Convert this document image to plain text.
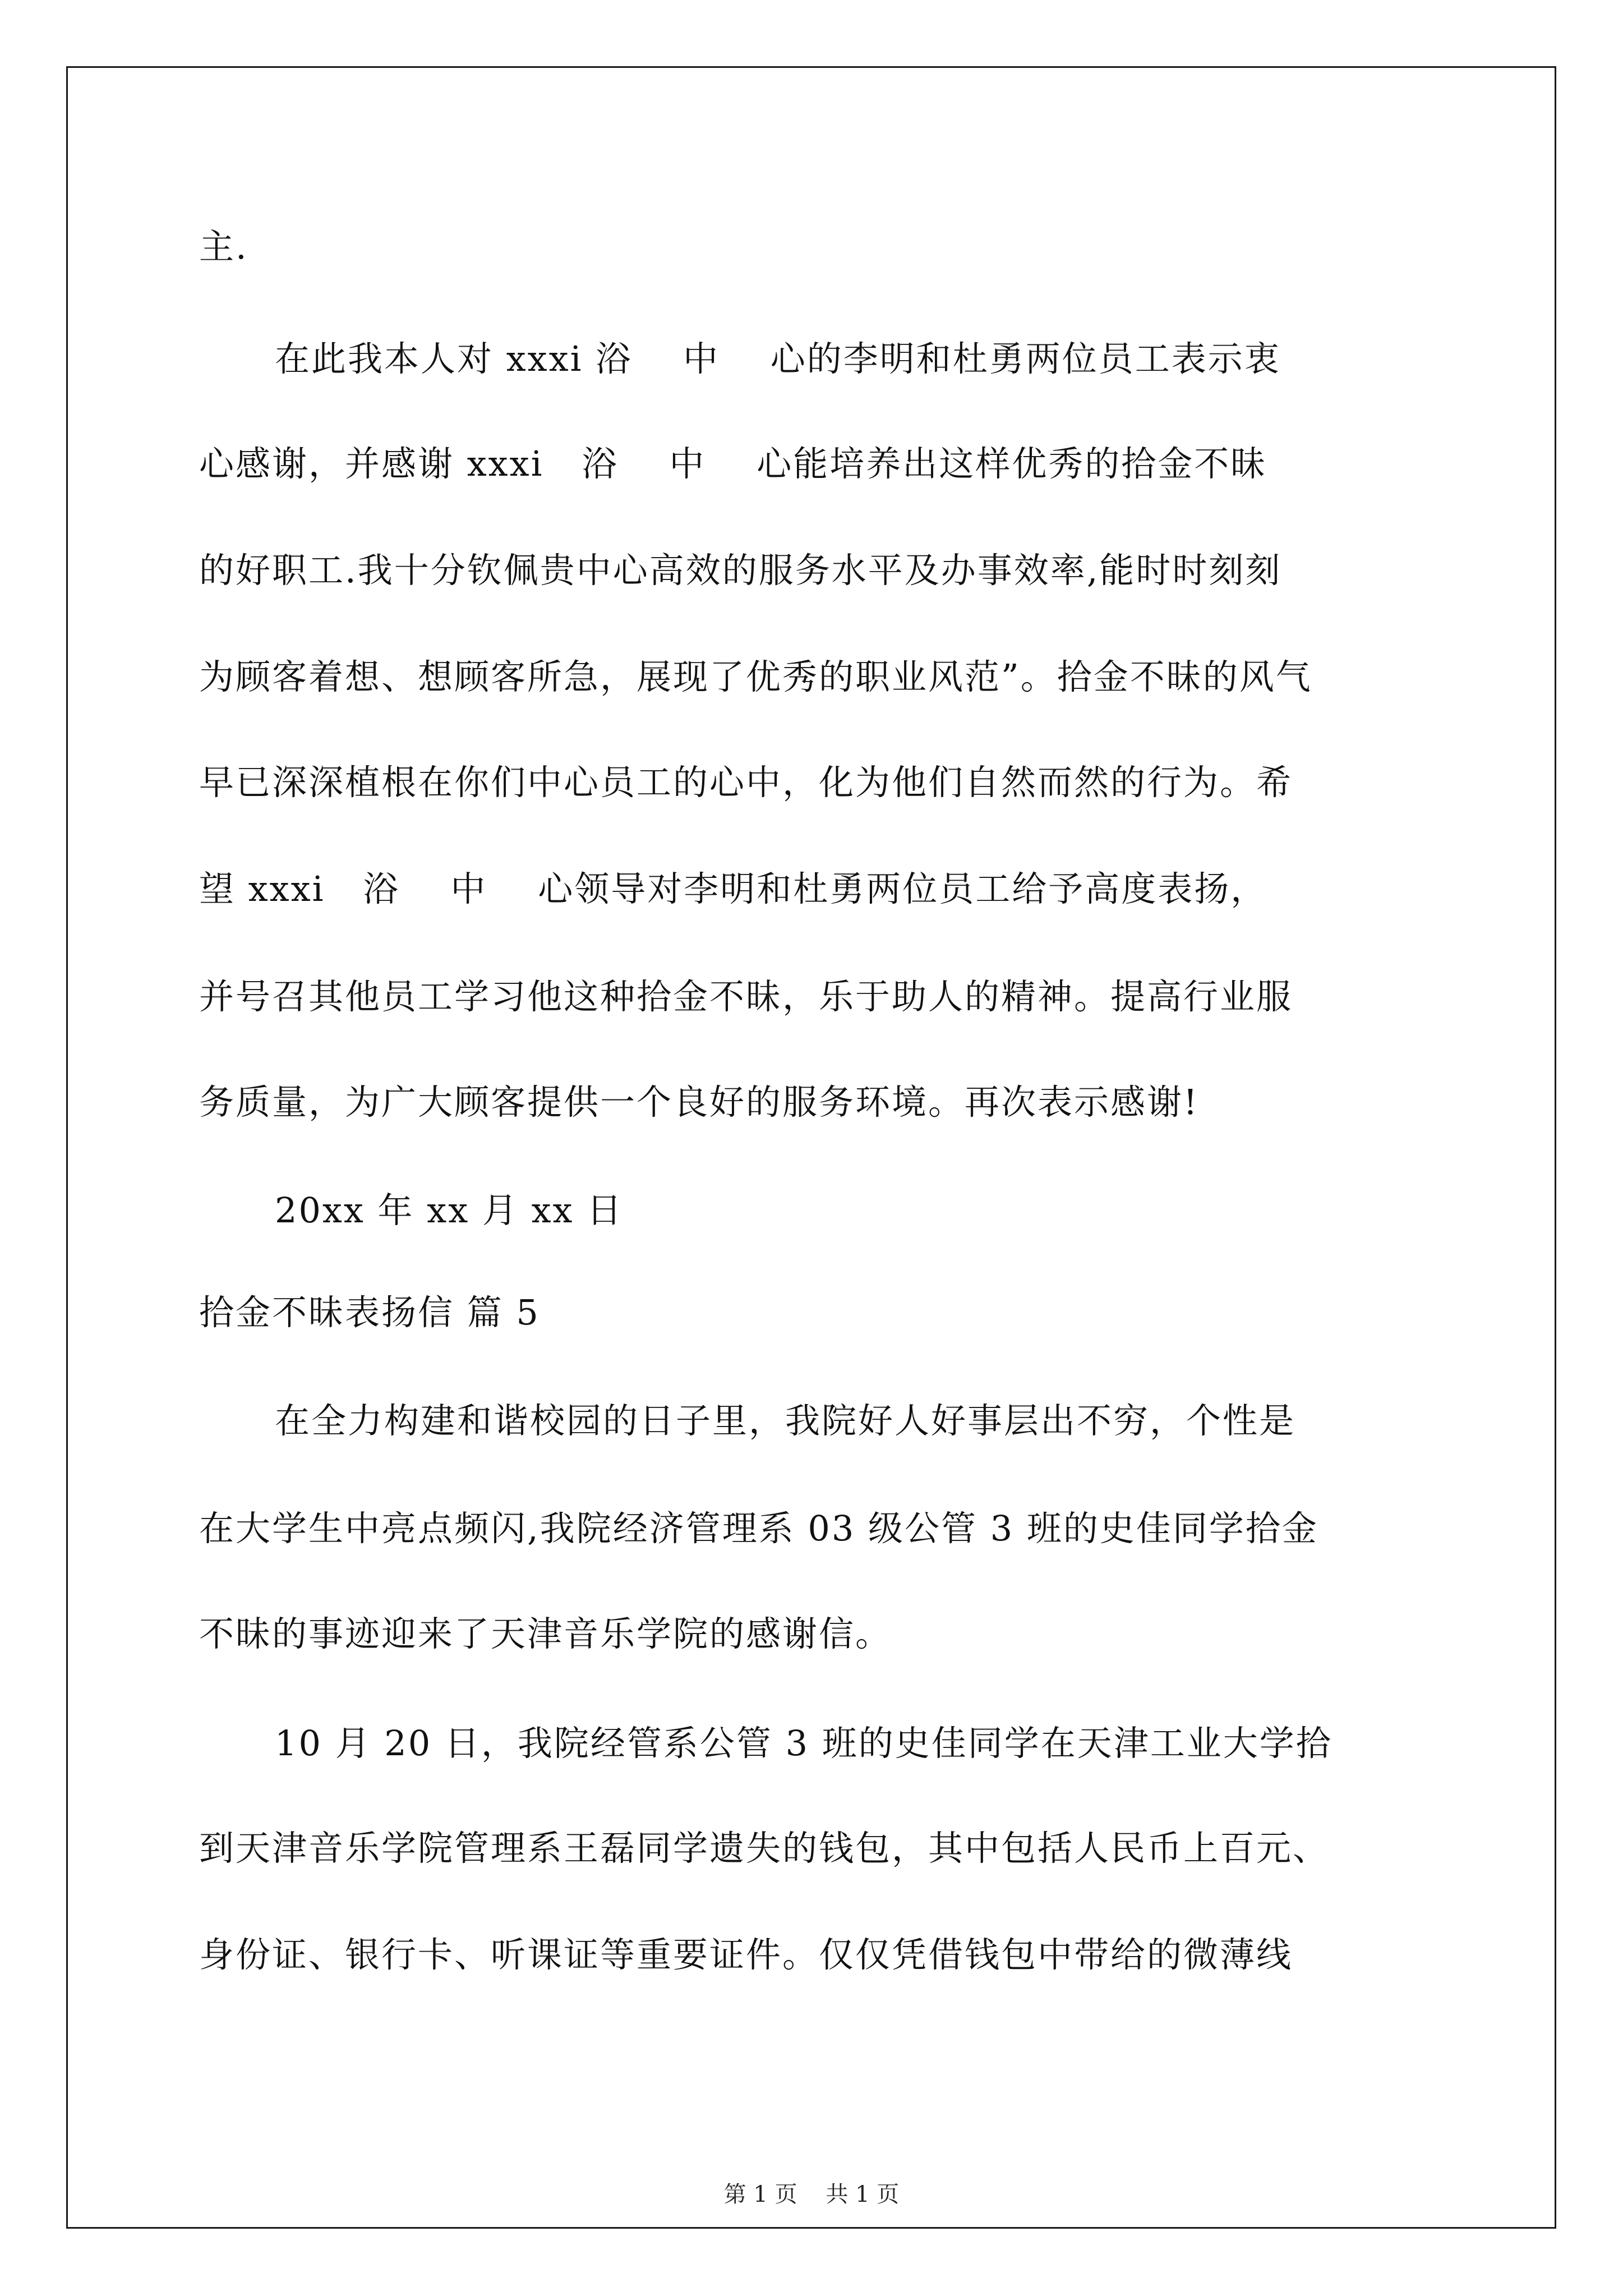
主.
在此我本人对 xxxi 浴    中    心的李明和杜勇两位员工表示衷
心感谢，并感谢 xxxi   浴    中    心能培养出这样优秀的拾金不昧
的好职工.我十分钦佩贵中心高效的服务水平及办事效率,能时时刻刻
为顾客着想、想顾客所急，展现了优秀的职业风范”。拾金不昧的风气
早已深深植根在你们中心员工的心中，化为他们自然而然的行为。希
望 xxxi   浴    中    心领导对李明和杜勇两位员工给予高度表扬，
并号召其他员工学习他这种拾金不昧，乐于助人的精神。提高行业服
务质量，为广大顾客提供一个良好的服务环境。再次表示感谢!
20xx 年 xx 月 xx 日
拾金不昧表扬信 篇 5
在全力构建和谐校园的日子里，我院好人好事层出不穷，个性是
在大学生中亮点频闪,我院经济管理系 03 级公管 3 班的史佳同学拾金
不昧的事迹迎来了天津音乐学院的感谢信。
10 月 20 日，我院经管系公管 3 班的史佳同学在天津工业大学拾
到天津音乐学院管理系王磊同学遗失的钱包，其中包括人民币上百元、
身份证、银行卡、听课证等重要证件。仅仅凭借钱包中带给的微薄线
第 1 页    共 1 页
